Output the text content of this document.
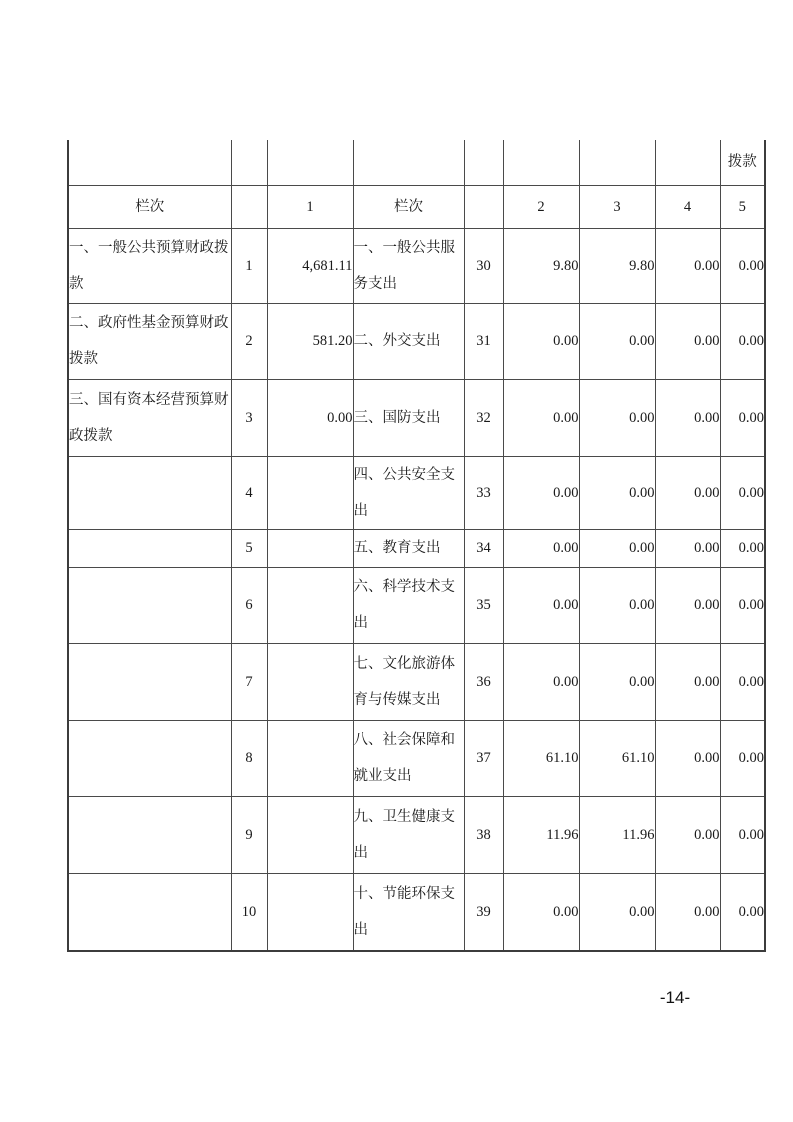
								拨款
栏次		1	栏次		2	3	4	5
一、一般公共预算财政拨款	1	4,681.11	一、一般公共服务支出	30	9.80	9.80	0.00	0.00
二、政府性基金预算财政拨款	2	581.20	二、外交支出	31	0.00	0.00	0.00	0.00
三、国有资本经营预算财政拨款	3	0.00	三、国防支出	32	0.00	0.00	0.00	0.00
	4		四、公共安全支出	33	0.00	0.00	0.00	0.00
	5		五、教育支出	34	0.00	0.00	0.00	0.00
	6		六、科学技术支出	35	0.00	0.00	0.00	0.00
	7		七、文化旅游体育与传媒支出	36	0.00	0.00	0.00	0.00
	8		八、社会保障和就业支出	37	61.10	61.10	0.00	0.00
	9		九、卫生健康支出	38	11.96	11.96	0.00	0.00
	10		十、节能环保支出	39	0.00	0.00	0.00	0.00
-14-
